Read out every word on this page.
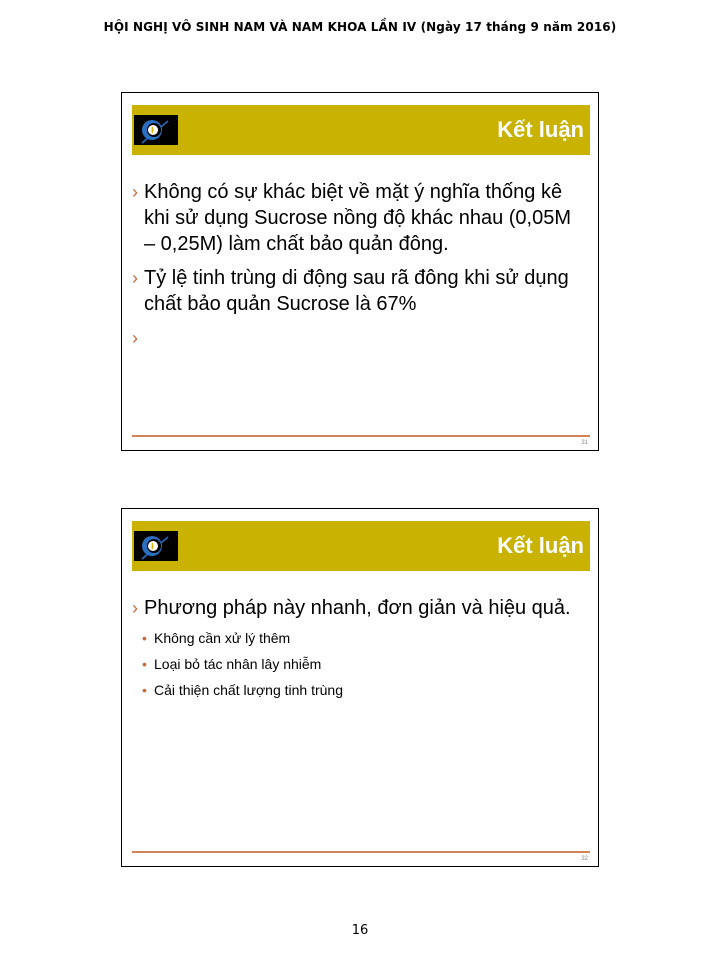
HỘI NGHỊ VÔ SINH NAM VÀ NAM KHOA LẦN IV (Ngày 17 tháng 9 năm 2016)
Kết luận
› Không có sự khác biệt về mặt ý nghĩa thống kê khi sử dụng Sucrose nồng độ khác nhau (0,05M – 0,25M) làm chất bảo quản đông.
› Tỷ lệ tinh trùng di động sau rã đông khi sử dụng chất bảo quản Sucrose là 67%
›
31
Kết luận
› Phương pháp này nhanh, đơn giản và hiệu quả.
• Không cần xử lý thêm
• Loại bỏ tác nhân lây nhiễm
• Cải thiện chất lượng tinh trùng
32
16
